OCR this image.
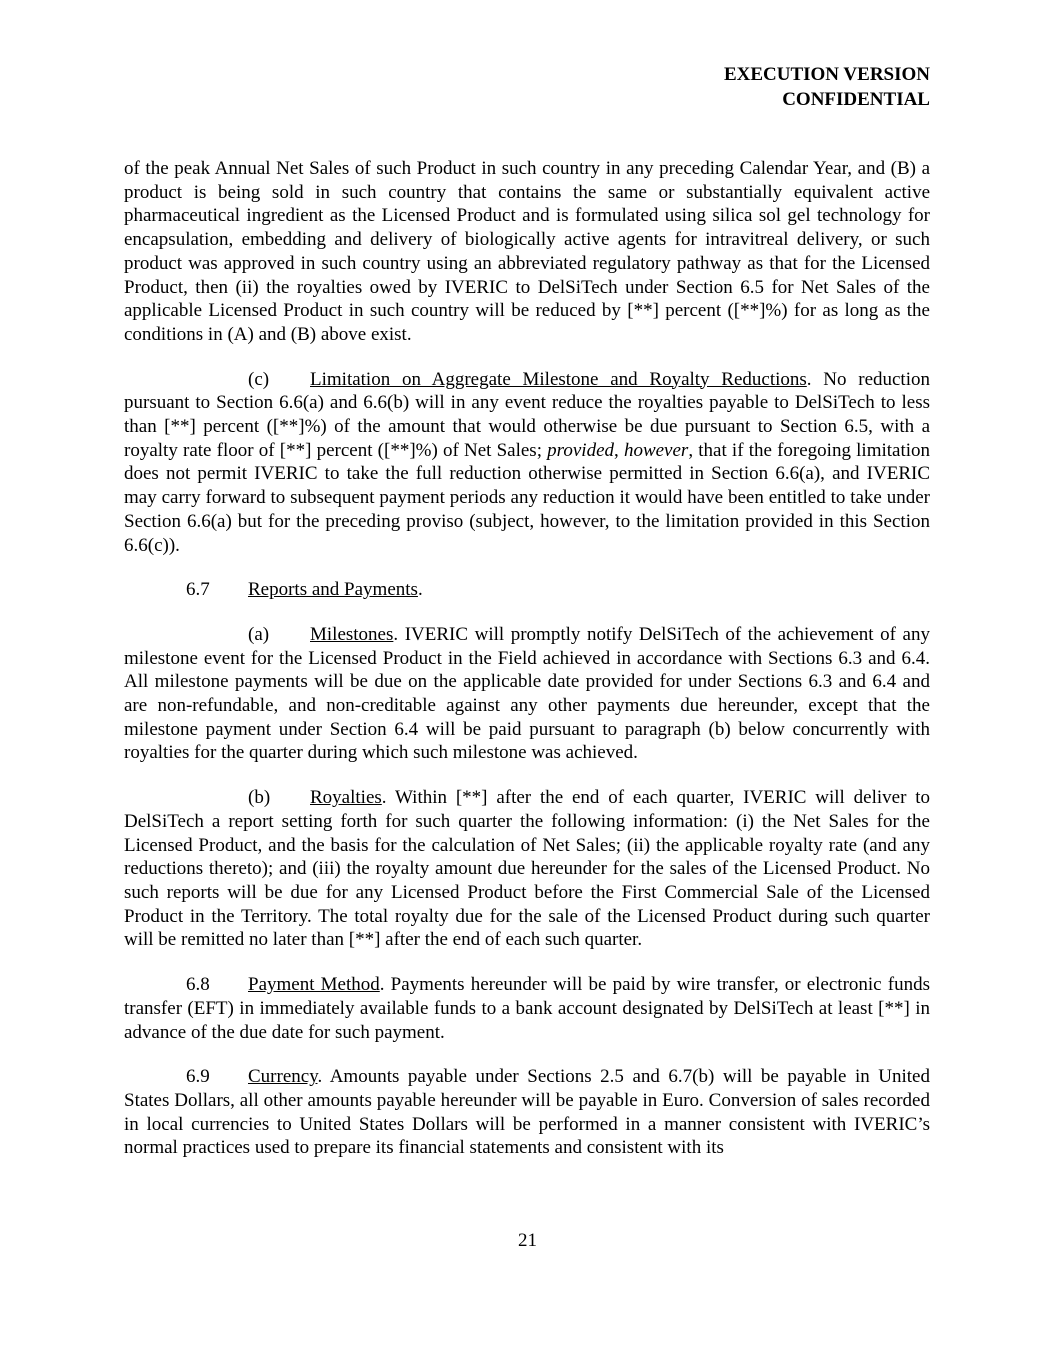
EXECUTION VERSION
CONFIDENTIAL

of the peak Annual Net Sales of such Product in such country in any preceding Calendar Year, and (B) a product is being sold in such country that contains the same or substantially equivalent active pharmaceutical ingredient as the Licensed Product and is formulated using silica sol gel technology for encapsulation, embedding and delivery of biologically active agents for intravitreal delivery, or such product was approved in such country using an abbreviated regulatory pathway as that for the Licensed Product, then (ii) the royalties owed by IVERIC to DelSiTech under Section 6.5 for Net Sales of the applicable Licensed Product in such country will be reduced by [**] percent ([**]%) for as long as the conditions in (A) and (B) above exist.

(c) Limitation on Aggregate Milestone and Royalty Reductions. No reduction pursuant to Section 6.6(a) and 6.6(b) will in any event reduce the royalties payable to DelSiTech to less than [**] percent ([**]%) of the amount that would otherwise be due pursuant to Section 6.5, with a royalty rate floor of [**] percent ([**]%) of Net Sales; provided, however, that if the foregoing limitation does not permit IVERIC to take the full reduction otherwise permitted in Section 6.6(a), and IVERIC may carry forward to subsequent payment periods any reduction it would have been entitled to take under Section 6.6(a) but for the preceding proviso (subject, however, to the limitation provided in this Section 6.6(c)).

6.7 Reports and Payments.

(a) Milestones. IVERIC will promptly notify DelSiTech of the achievement of any milestone event for the Licensed Product in the Field achieved in accordance with Sections 6.3 and 6.4. All milestone payments will be due on the applicable date provided for under Sections 6.3 and 6.4 and are non-refundable, and non-creditable against any other payments due hereunder, except that the milestone payment under Section 6.4 will be paid pursuant to paragraph (b) below concurrently with royalties for the quarter during which such milestone was achieved.

(b) Royalties. Within [**] after the end of each quarter, IVERIC will deliver to DelSiTech a report setting forth for such quarter the following information: (i) the Net Sales for the Licensed Product, and the basis for the calculation of Net Sales; (ii) the applicable royalty rate (and any reductions thereto); and (iii) the royalty amount due hereunder for the sales of the Licensed Product. No such reports will be due for any Licensed Product before the First Commercial Sale of the Licensed Product in the Territory. The total royalty due for the sale of the Licensed Product during such quarter will be remitted no later than [**] after the end of each such quarter.

6.8 Payment Method. Payments hereunder will be paid by wire transfer, or electronic funds transfer (EFT) in immediately available funds to a bank account designated by DelSiTech at least [**] in advance of the due date for such payment.

6.9 Currency. Amounts payable under Sections 2.5 and 6.7(b) will be payable in United States Dollars, all other amounts payable hereunder will be payable in Euro. Conversion of sales recorded in local currencies to United States Dollars will be performed in a manner consistent with IVERIC’s normal practices used to prepare its financial statements and consistent with its

21
